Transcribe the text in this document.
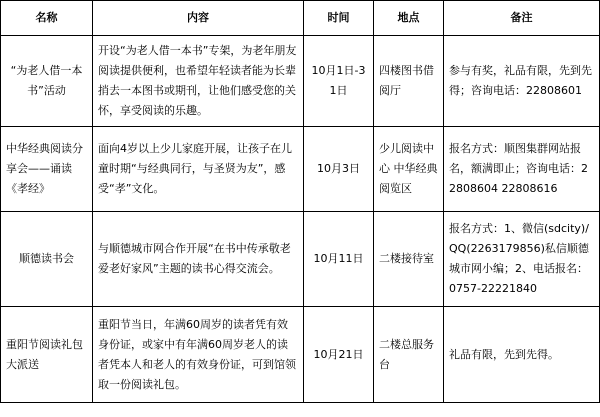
名称	内容	时间	地点	备注
“为老人借一本书”活动	开设“为老人借一本书”专架，为老年朋友阅读提供便利，也希望年轻读者能为长辈捎去一本图书或期刊，让他们感受您的关怀，享受阅读的乐趣。	10月1日-31日	四楼图书借阅厅	参与有奖，礼品有限，先到先得；咨询电话：22808601
中华经典阅读分享会——诵读《孝经》	面向4岁以上少儿家庭开展，让孩子在儿童时期“与经典同行，与圣贤为友”，感受“孝”文化。	10月3日	少儿阅读中心 中华经典阅览区	报名方式：顺图集群网站报名，额满即止；咨询电话：22808604 22808616
顺德读书会	与顺德城市网合作开展“在书中传承敬老爱老好家风”主题的读书心得交流会。	10月11日	二楼接待室	报名方式：1、微信(sdcity)/QQ(2263179856)私信顺德城市网小编；2、电话报名：0757-22221840
重阳节阅读礼包大派送	重阳节当日，年满60周岁的读者凭有效身份证，或家中有年满60周岁老人的读者凭本人和老人的有效身份证，可到馆领取一份阅读礼包。	10月21日	二楼总服务台	礼品有限，先到先得。
